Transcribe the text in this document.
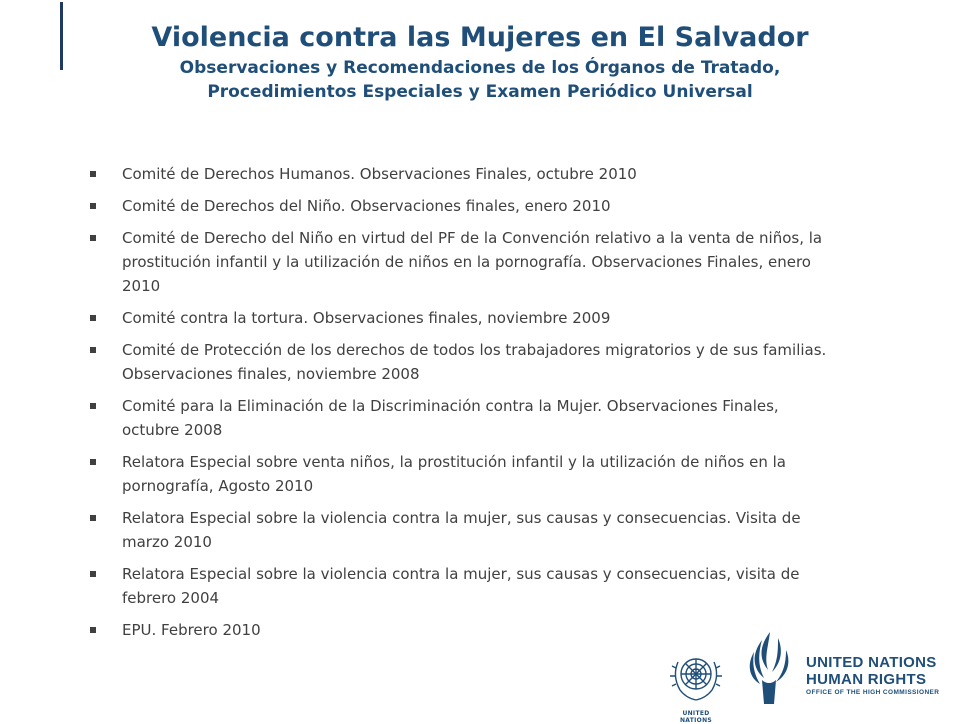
Violencia contra las Mujeres en El Salvador
Observaciones y Recomendaciones de los Órganos de Tratado,
Procedimientos Especiales y Examen Periódico Universal
Comité de Derechos Humanos. Observaciones Finales, octubre 2010
Comité de Derechos del Niño. Observaciones finales, enero 2010
Comité de Derecho del Niño en virtud del PF de la Convención relativo a la venta de niños, la prostitución infantil y la utilización de niños en la pornografía. Observaciones Finales, enero 2010
Comité contra la tortura. Observaciones finales, noviembre 2009
Comité de Protección de los derechos de todos los trabajadores migratorios y de sus familias. Observaciones finales, noviembre 2008
Comité para la Eliminación de la Discriminación contra la Mujer. Observaciones Finales, octubre 2008
Relatora Especial sobre venta niños, la prostitución infantil y la utilización de niños en la pornografía, Agosto 2010
Relatora Especial sobre la violencia contra la mujer, sus causas y consecuencias. Visita de marzo 2010
Relatora Especial sobre la violencia contra la mujer, sus causas y consecuencias, visita de febrero 2004
EPU. Febrero 2010
UNITED NATIONS
UNITED NATIONS
HUMAN RIGHTS
OFFICE OF THE HIGH COMMISSIONER
